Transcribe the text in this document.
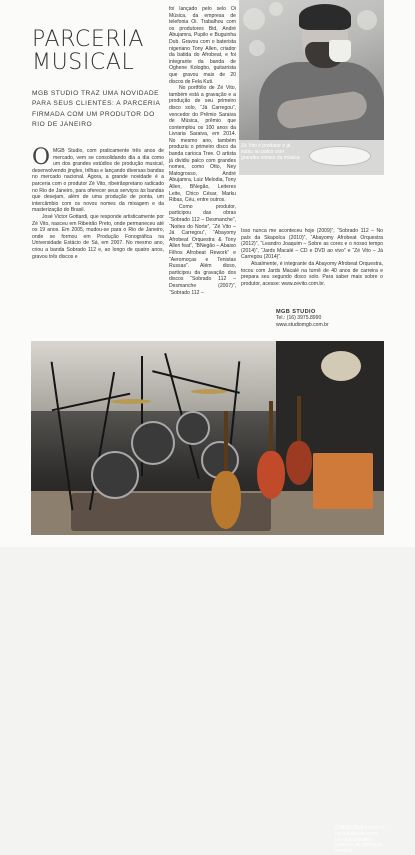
PARCERIA
MUSICAL

MGB STUDIO TRAZ UMA NOVIDADE PARA SEUS CLIENTES: A PARCERIA FIRMADA COM UM PRODUTOR DO RIO DE JANEIRO

OMGB Studio, com praticamente três anos de mercado, vem se consolidando dia a dia como um dos grandes estúdios de produção musical, desenvolvendo jingles, trilhas e lançando diversas bandas no mercado nacional. Agora, a grande novidade é a parceria com o produtor Zé Vito, ribeirãopretano radicado no Rio de Janeiro, para oferecer seus serviços às bandas que desejam, além de uma produção de ponta, um intercâmbio com os novos nomes da mixagem e da masterização do Brasil.

José Victor Gottardi, que responde artisticamente por Zé Vito, nasceu em Ribeirão Preto, onde permaneceu até os 19 anos. Em 2005, mudou-se para o Rio de Janeiro, onde se formou em Produção Fonográfica na Universidade Estácio de Sá, em 2007. No mesmo ano, criou a banda Sobrado 112 e, ao longo de quatro anos, gravou três discos e

foi lançado pelo selo Oi Música, da empresa de telefonia Oi. Trabalhou com os produtores Bid, André Abujamra, Pupilo e Buguinha Dub. Gravou com o baterista nigeriano Tony Allen, criador da batida do Afrobeat, e foi integrante da banda de Oghene Kologbo, guitarrista que gravou mais de 20 discos de Fela Kuti.

No portfólio de Zé Vito, também está a gravação e a produção de seu primeiro disco solo, “Já Carregou”, vencedor do Prêmio Saraiva de Música, prêmio que contemplou os 100 anos da Livraria Saraiva, em 2014. No mesmo ano, também produziu o primeiro disco da banda carioca Tree. O artista já dividiu palco com grandes nomes, como Otto, Ney Matogrosso, André Abujamra, Luiz Melodia, Tony Allen, BNegão, Leiteres Leite, Chico César, Marku Ribas, Céu, entre outros.

Como produtor, participou das obras “Sobrado 112 – Desmanche”, “Noites do Norte”, “Zé Vito – Já Carregou”, “Abayomy Afrobeat Orquestra & Tony Allen feat”, “BNegão – Abaixo Filhos Afrobeat Rework” e “Aeromoças e Tenistas Russas”. Além disso, participou da gravação dos discos “Sobrado 112 – Desmanche (2007)”, “Sobrado 112 –

Zé Vito é produtor e já subiu ao palco com grandes nomes da música

Isso nunca me aconteceu hoje (2009)”, “Sobrado 112 – No país da Skapolca (2010)”, “Abayomy Afrobeat Orquestra (2012)”, “Leandro Joaquim – Sobre as cores e o nosso tempo (2014)”, “Jards Macalé – CD e DVD ao vivo” e “Zé Vito – Já Carregou (2014)”.

Atualmente, é integrante da Abayomy Afrobeat Orquestra, tocou com Jards Macalé na turnê de 40 anos de carreira e prepara seu segundo disco solo. Para saber mais sobre o produtor, acesse: www.zevito.com.br.

MGB STUDIO
Tel.: (16) 3975.8990
www.studiomgb.com.br

O MGB Studio vem se consolidando como um dos grandes estúdios de produção musical
